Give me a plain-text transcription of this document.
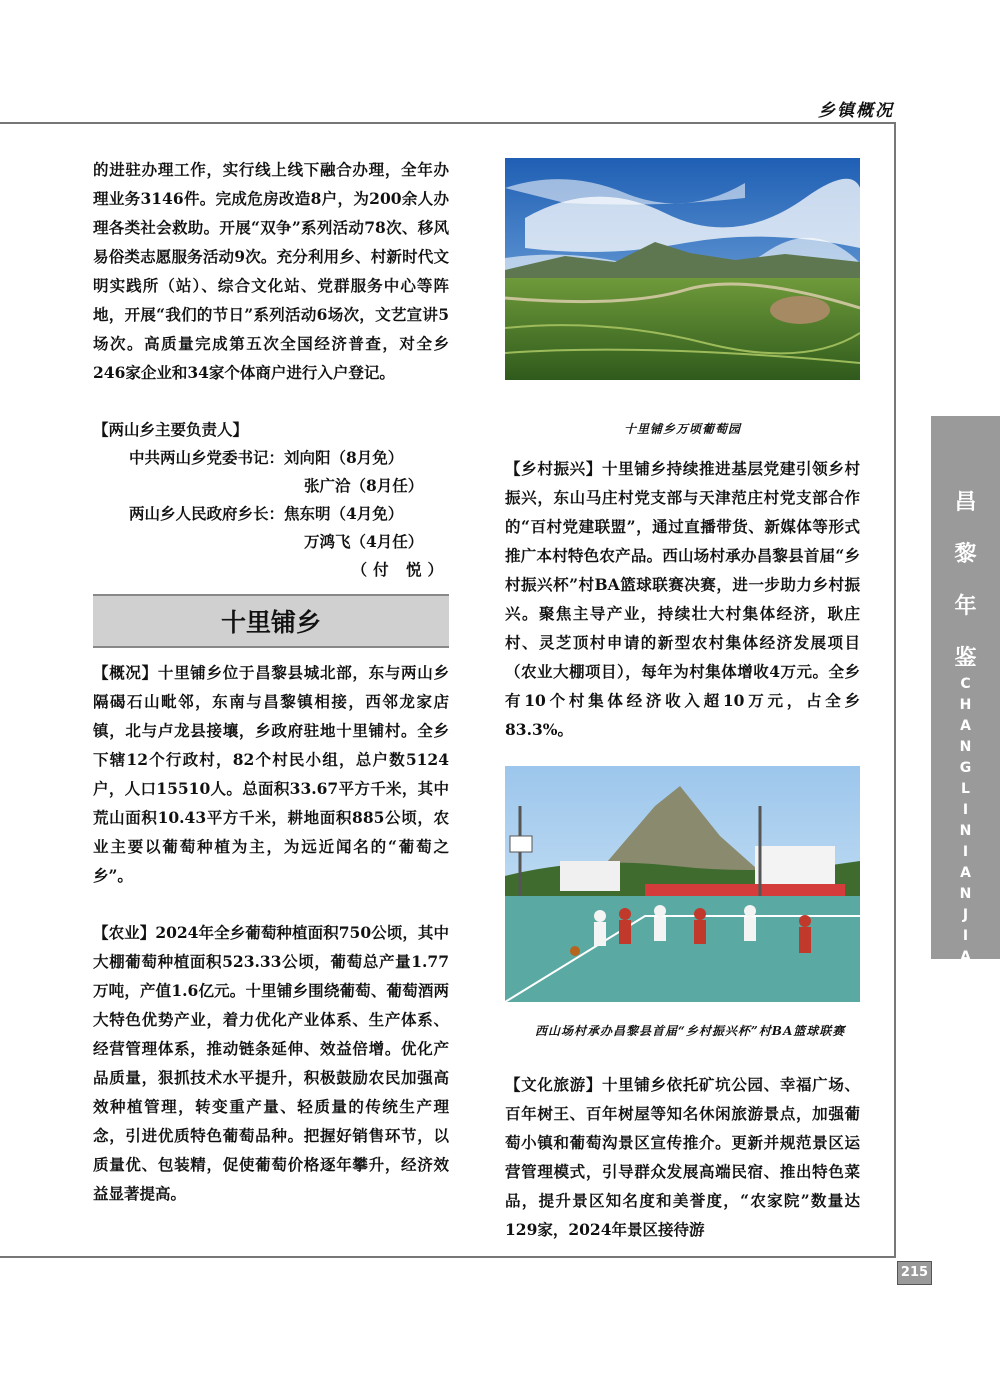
乡镇概况

的进驻办理工作，实行线上线下融合办理，全年办理业务3146件。完成危房改造8户，为200余人办理各类社会救助。开展“双争”系列活动78次、移风易俗类志愿服务活动9次。充分利用乡、村新时代文明实践所（站）、综合文化站、党群服务中心等阵地，开展“我们的节日”系列活动6场次，文艺宣讲5场次。高质量完成第五次全国经济普查，对全乡246家企业和34家个体商户进行入户登记。

【两山乡主要负责人】
中共两山乡党委书记：刘向阳（8月免）
张广洽（8月任）
两山乡人民政府乡长：焦东明（4月免）
万鸿飞（4月任）
（付 悦）
十里铺乡

【概况】十里铺乡位于昌黎县城北部，东与两山乡隔碣石山毗邻，东南与昌黎镇相接，西邻龙家店镇，北与卢龙县接壤，乡政府驻地十里铺村。全乡下辖12个行政村，82个村民小组，总户数5124户，人口15510人。总面积33.67平方千米，其中荒山面积10.43平方千米，耕地面积885公顷，农业主要以葡萄种植为主，为远近闻名的“葡萄之乡”。

【农业】2024年全乡葡萄种植面积750公顷，其中大棚葡萄种植面积523.33公顷，葡萄总产量1.77万吨，产值1.6亿元。十里铺乡围绕葡萄、葡萄酒两大特色优势产业，着力优化产业体系、生产体系、经营管理体系，推动链条延伸、效益倍增。优化产品质量，狠抓技术水平提升，积极鼓励农民加强高效种植管理，转变重产量、轻质量的传统生产理念，引进优质特色葡萄品种。把握好销售环节，以质量优、包装精，促使葡萄价格逐年攀升，经济效益显著提高。

十里铺乡万顷葡萄园

【乡村振兴】十里铺乡持续推进基层党建引领乡村振兴，东山马庄村党支部与天津范庄村党支部合作的“百村党建联盟”，通过直播带货、新媒体等形式推广本村特色农产品。西山场村承办昌黎县首届“乡村振兴杯”村BA篮球联赛决赛，进一步助力乡村振兴。聚焦主导产业，持续壮大村集体经济，耿庄村、灵芝顶村申请的新型农村集体经济发展项目（农业大棚项目），每年为村集体增收4万元。全乡有10个村集体经济收入超10万元，占全乡83.3%。

西山场村承办昌黎县首届“乡村振兴杯”村BA篮球联赛

【文化旅游】十里铺乡依托矿坑公园、幸福广场、百年树王、百年树屋等知名休闲旅游景点，加强葡萄小镇和葡萄沟景区宣传推介。更新并规范景区运营管理模式，引导群众发展高端民宿、推出特色菜品，提升景区知名度和美誉度，“农家院”数量达129家，2024年景区接待游

昌
黎
年
鉴
C
H
A
N
G
L
I
N
I
A
N
J
I
A
N
215
